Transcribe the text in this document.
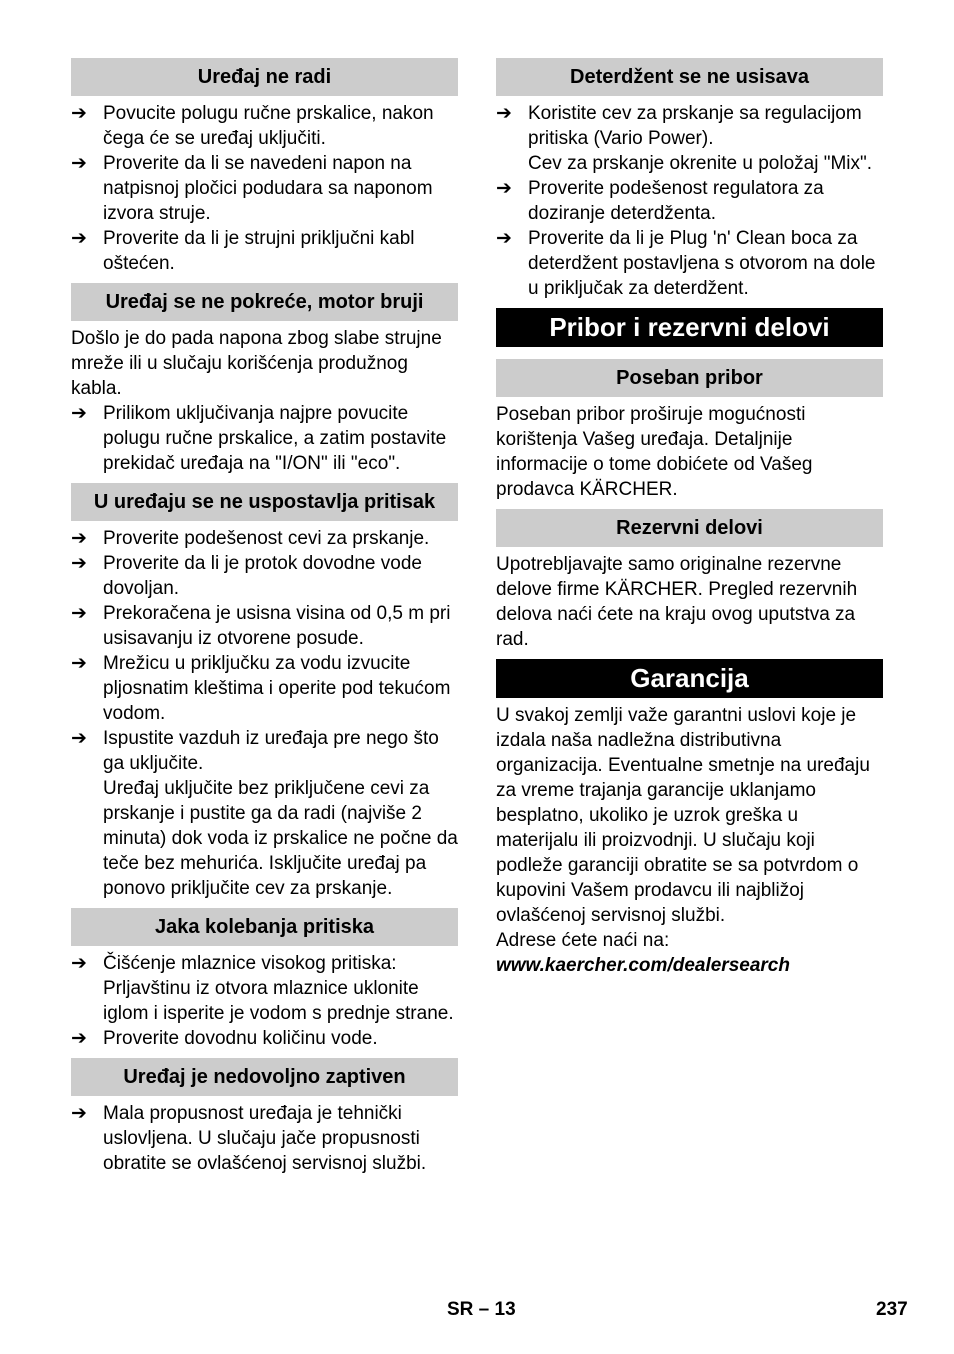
Uređaj ne radi
➔ Povucite polugu ručne prskalice, nakon čega će se uređaj uključiti.
➔ Proverite da li se navedeni napon na natpisnoj pločici podudara sa naponom izvora struje.
➔ Proverite da li je strujni priključni kabl oštećen.
Uređaj se ne pokreće, motor bruji

Došlo je do pada napona zbog slabe strujne mreže ili u slučaju korišćenja produžnog kabla.

➔ Prilikom uključivanja najpre povucite polugu ručne prskalice, a zatim postavite prekidač uređaja na "I/ON" ili "eco".
U uređaju se ne uspostavlja pritisak
➔ Proverite podešenost cevi za prskanje.
➔ Proverite da li je protok dovodne vode dovoljan.
➔ Prekoračena je usisna visina od 0,5 m pri usisavanju iz otvorene posude.
➔ Mrežicu u priključku za vodu izvucite pljosnatim kleštima i operite pod tekućom vodom.
➔ Ispustite vazduh iz uređaja pre nego što ga uključite.

Uređaj uključite bez priključene cevi za prskanje i pustite ga da radi (najviše 2 minuta) dok voda iz prskalice ne počne da teče bez mehurića. Isključite uređaj pa ponovo priključite cev za prskanje.

Jaka kolebanja pritiska
➔ Čišćenje mlaznice visokog pritiska: Prljavštinu iz otvora mlaznice uklonite iglom i isperite je vodom s prednje strane.
➔ Proverite dovodnu količinu vode.
Uređaj je nedovoljno zaptiven
➔ Mala propusnost uređaja je tehnički uslovljena. U slučaju jače propusnosti obratite se ovlašćenoj servisnoj službi.
Deterdžent se ne usisava
➔ Koristite cev za prskanje sa regulacijom pritiska (Vario Power).

Cev za prskanje okrenite u položaj "Mix".

➔ Proverite podešenost regulatora za doziranje deterdženta.
➔ Proverite da li je Plug 'n' Clean boca za deterdžent postavljena s otvorom na dole u priključak za deterdžent.
Pribor i rezervni delovi
Poseban pribor

Poseban pribor proširuje mogućnosti korištenja Vašeg uređaja. Detaljnije informacije o tome dobićete od Vašeg prodavca KÄRCHER.

Rezervni delovi

Upotrebljavajte samo originalne rezervne delove firme KÄRCHER. Pregled rezervnih delova naći ćete na kraju ovog uputstva za rad.

Garancija

U svakoj zemlji važe garantni uslovi koje je izdala naša nadležna distributivna organizacija. Eventualne smetnje na uređaju za vreme trajanja garancije uklanjamo besplatno, ukoliko je uzrok greška u materijalu ili proizvodnji. U slučaju koji podleže garanciji obratite se sa potvrdom o kupovini Vašem prodavcu ili najbližoj ovlašćenoj servisnoj službi.

Adrese ćete naći na:

www.kaercher.com/dealersearch

SR – 13	237
